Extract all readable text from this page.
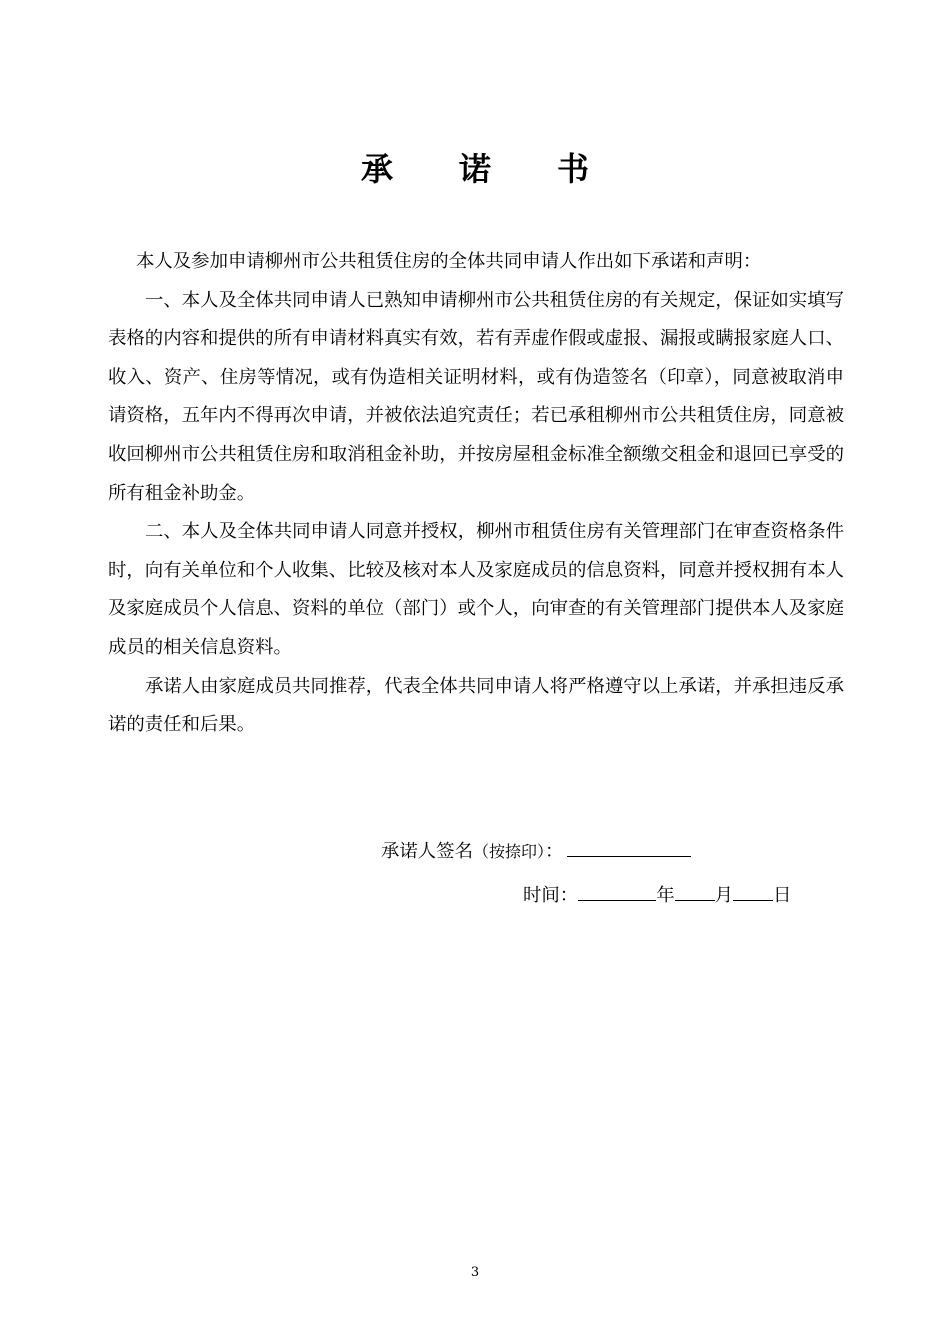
承诺书

本人及参加申请柳州市公共租赁住房的全体共同申请人作出如下承诺和声明：

一、本人及全体共同申请人已熟知申请柳州市公共租赁住房的有关规定，保证如实填写表格的内容和提供的所有申请材料真实有效，若有弄虚作假或虚报、漏报或瞒报家庭人口、收入、资产、住房等情况，或有伪造相关证明材料，或有伪造签名（印章），同意被取消申请资格，五年内不得再次申请，并被依法追究责任；若已承租柳州市公共租赁住房，同意被收回柳州市公共租赁住房和取消租金补助，并按房屋租金标准全额缴交租金和退回已享受的所有租金补助金。

二、本人及全体共同申请人同意并授权，柳州市租赁住房有关管理部门在审查资格条件时，向有关单位和个人收集、比较及核对本人及家庭成员的信息资料，同意并授权拥有本人及家庭成员个人信息、资料的单位（部门）或个人，向审查的有关管理部门提供本人及家庭成员的相关信息资料。

承诺人由家庭成员共同推荐，代表全体共同申请人将严格遵守以上承诺，并承担违反承诺的责任和后果。

承诺人签名（按捺印）：
时间：	年 月 日
3
